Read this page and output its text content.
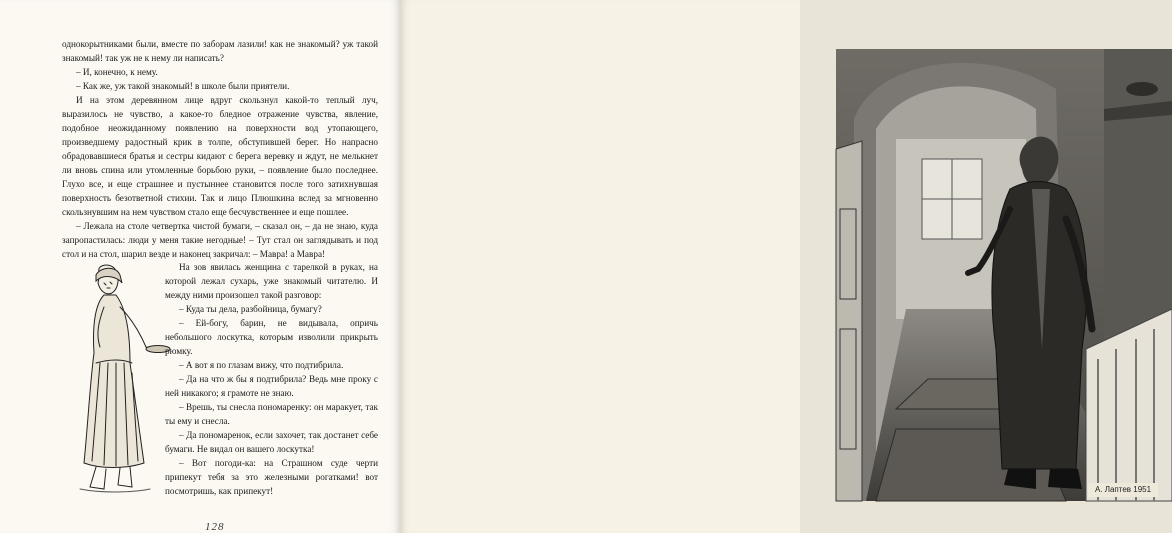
однокорытниками были, вместе по заборам лазили! как не знакомый? уж такой знакомый! так уж не к нему ли написать?

– И, конечно, к нему.

– Как же, уж такой знакомый! в школе были приятели.

И на этом деревянном лице вдруг скользнул какой-то теплый луч, выразилось не чувство, а какое-то бледное отражение чувства, явление, подобное неожиданному появлению на поверхности вод утопающего, произведшему радостный крик в толпе, обступившей берег. Но напрасно обрадовавшиеся братья и сестры кидают с берега веревку и ждут, не мелькнет ли вновь спина или утомленные борьбою руки, – появление было последнее. Глухо все, и еще страшнее и пустыннее становится после того затихнувшая поверхность безответной стихии. Так и лицо Плюшкина вслед за мгновенно скользнувшим на нем чувством стало еще бесчувственнее и еще пошлее.

– Лежала на столе четвертка чистой бумаги, – сказал он, – да не знаю, куда запропастилась: люди у меня такие негодные! – Тут стал он заглядывать и под стол и на стол, шарил везде и наконец закричал: – Мавра! а Мавра!

На зов явилась женщина с тарелкой в руках, на которой лежал сухарь, уже знакомый читателю. И между ними произошел такой разговор:

– Куда ты дела, разбойница, бумагу?

– Ей-богу, барин, не видывала, опричь небольшого лоскутка, которым изволили прикрыть рюмку.

– А вот я по глазам вижу, что подтибрила.

– Да на что ж бы я подтибрила? Ведь мне проку с ней никакого; я грамоте не знаю.

– Врешь, ты снесла пономаренку: он маракует, так ты ему и снесла.

– Да пономаренок, если захочет, так достанет себе бумаги. Не видал он вашего лоскутка!

– Вот погоди-ка: на Страшном суде черти припекут тебя за это железными рогатками! вот посмотришь, как припекут!

128
А. Лаптев 1951
